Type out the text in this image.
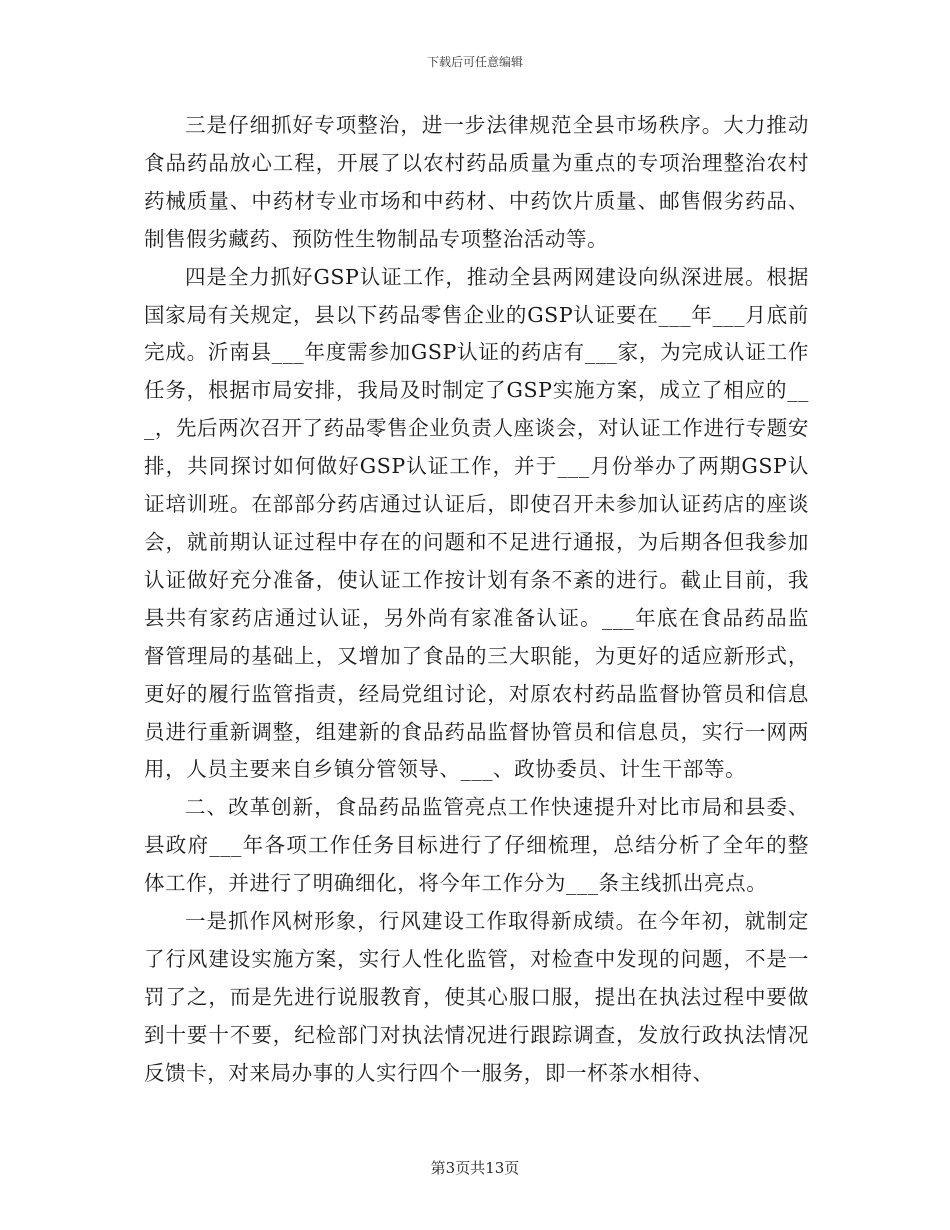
下载后可任意编辑

三是仔细抓好专项整治，进一步法律规范全县市场秩序。大力推动食品药品放心工程，开展了以农村药品质量为重点的专项治理整治农村药械质量、中药材专业市场和中药材、中药饮片质量、邮售假劣药品、制售假劣藏药、预防性生物制品专项整治活动等。

四是全力抓好GSP认证工作，推动全县两网建设向纵深进展。根据国家局有关规定，县以下药品零售企业的GSP认证要在___年___月底前完成。沂南县___年度需参加GSP认证的药店有___家，为完成认证工作任务，根据市局安排，我局及时制定了GSP实施方案，成立了相应的___，先后两次召开了药品零售企业负责人座谈会，对认证工作进行专题安排，共同探讨如何做好GSP认证工作，并于___月份举办了两期GSP认证培训班。在部部分药店通过认证后，即使召开未参加认证药店的座谈会，就前期认证过程中存在的问题和不足进行通报，为后期各但我参加认证做好充分准备，使认证工作按计划有条不紊的进行。截止目前，我县共有家药店通过认证，另外尚有家准备认证。___年底在食品药品监督管理局的基础上，又增加了食品的三大职能，为更好的适应新形式，更好的履行监管指责，经局党组讨论，对原农村药品监督协管员和信息员进行重新调整，组建新的食品药品监督协管员和信息员，实行一网两用，人员主要来自乡镇分管领导、___、政协委员、计生干部等。

二、改革创新，食品药品监管亮点工作快速提升对比市局和县委、县政府___年各项工作任务目标进行了仔细梳理，总结分析了全年的整体工作，并进行了明确细化，将今年工作分为___条主线抓出亮点。

一是抓作风树形象，行风建设工作取得新成绩。在今年初，就制定了行风建设实施方案，实行人性化监管，对检查中发现的问题，不是一罚了之，而是先进行说服教育，使其心服口服，提出在执法过程中要做到十要十不要，纪检部门对执法情况进行跟踪调查，发放行政执法情况反馈卡，对来局办事的人实行四个一服务，即一杯茶水相待、

第3页共13页
